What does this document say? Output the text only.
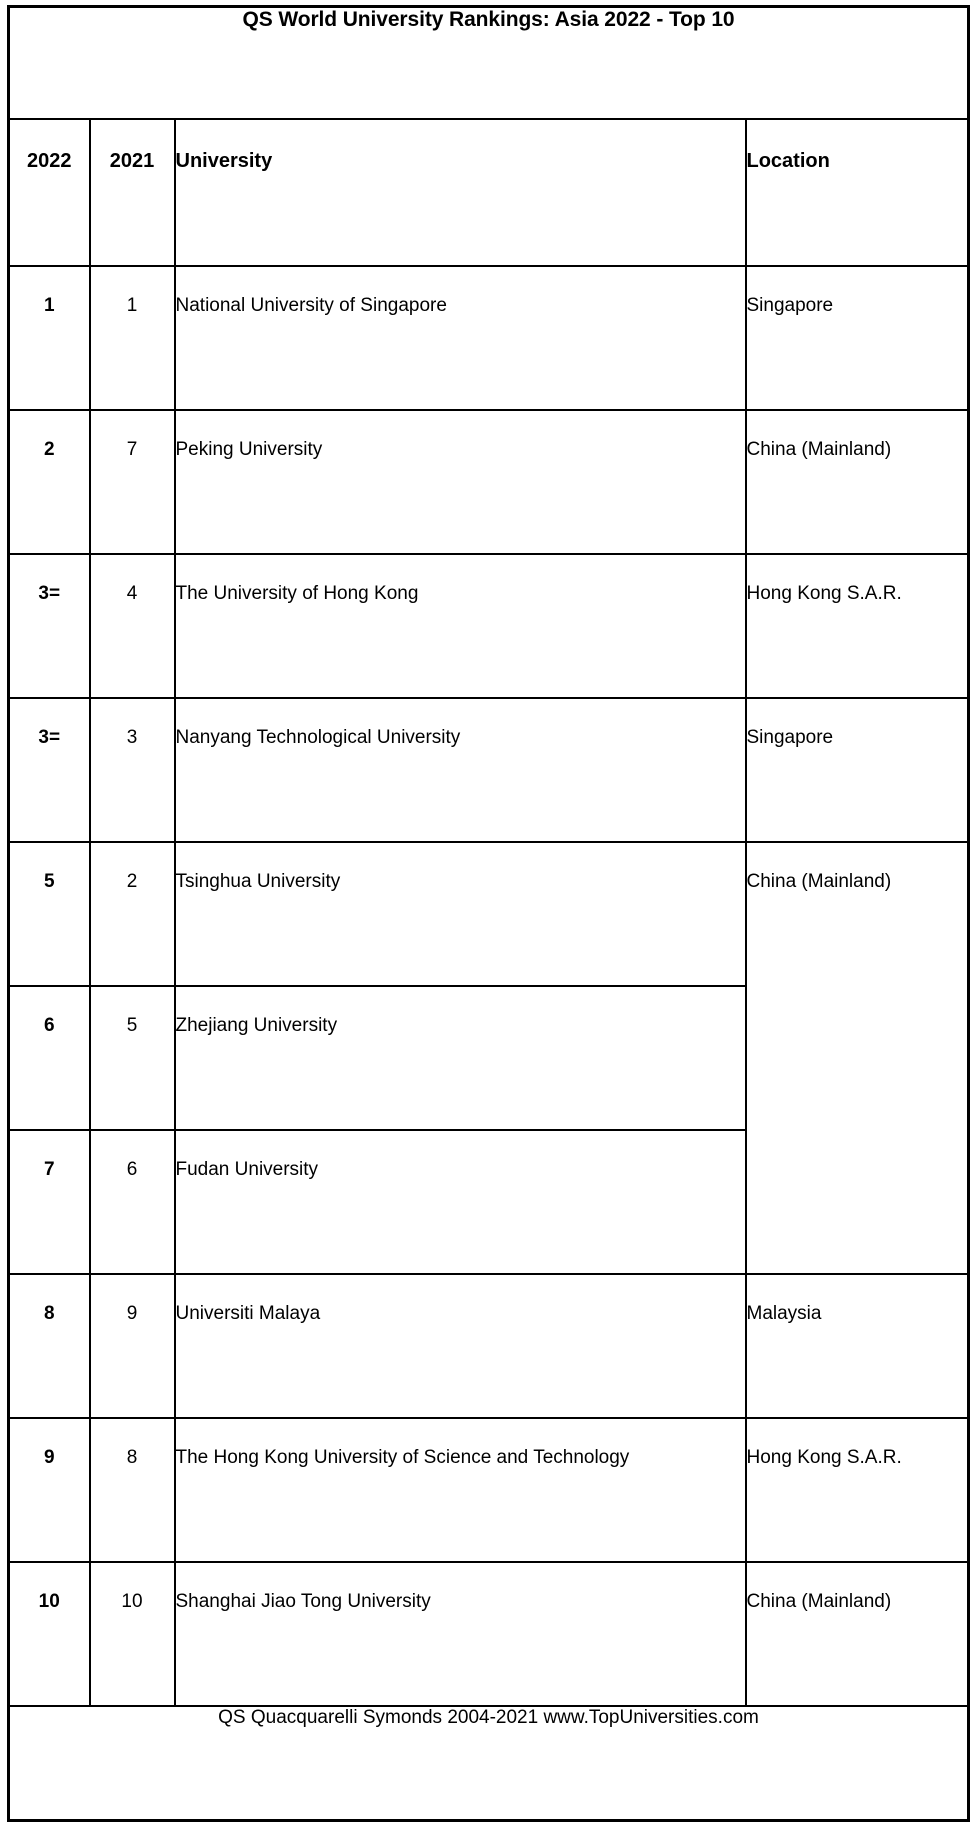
QS World University Rankings: Asia 2022 - Top 10			
2022	2021	University	Location
1	1	National University of Singapore	Singapore
2	7	Peking University	China (Mainland)
3=	4	The University of Hong Kong	Hong Kong S.A.R.
3=	3	Nanyang Technological University	Singapore
5	2	Tsinghua University	China (Mainland)
6	5	Zhejiang University	
7	6	Fudan University	
8	9	Universiti Malaya	Malaysia
9	8	The Hong Kong University of Science and Technology	Hong Kong S.A.R.
10	10	Shanghai Jiao Tong University	China (Mainland)
QS Quacquarelli Symonds 2004-2021 www.TopUniversities.com			
